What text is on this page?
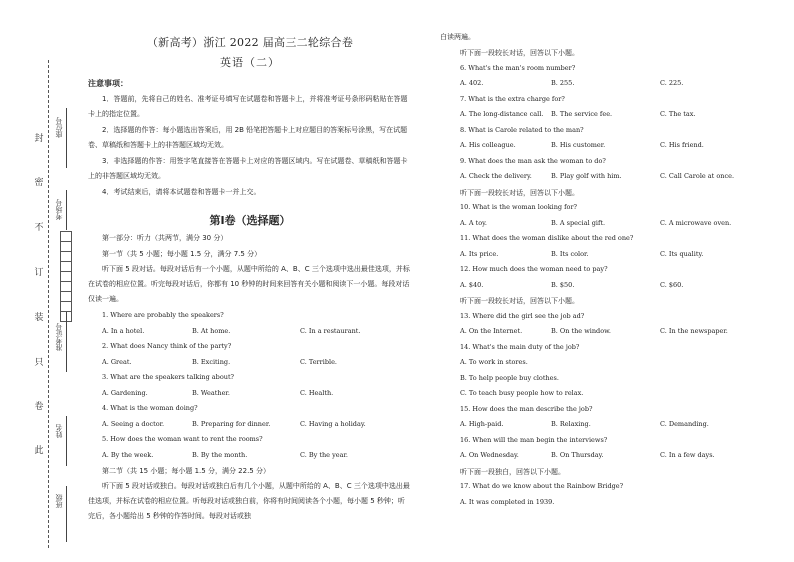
封
密
不
订
装
只
卷
此
座位号
考场号
准考证号
姓名
班级
（新高考）浙江 2022 届高三二轮综合卷
英语（二）
注意事项：
1．答题前，先将自己的姓名、准考证号填写在试题卷和答题卡上，并将准考证号条形码粘贴在答题卡上的指定位置。
2．选择题的作答：每小题选出答案后，用 2B 铅笔把答题卡上对应题目的答案标号涂黑，写在试题卷、草稿纸和答题卡上的非答题区域均无效。
3．非选择题的作答：用签字笔直接答在答题卡上对应的答题区域内。写在试题卷、草稿纸和答题卡上的非答题区域均无效。
4．考试结束后，请将本试题卷和答题卡一并上交。
第Ⅰ卷（选择题）
第一部分：听力（共两节，满分 30 分）
第一节（共 5 小题；每小题 1.5 分，满分 7.5 分）
听下面 5 段对话。每段对话后有一个小题，从题中所给的 A、B、C 三个选项中选出最佳选项，并标在试卷的相应位置。听完每段对话后，你都有 10 秒钟的时间来回答有关小题和阅读下一小题。每段对话仅读一遍。
1. Where are probably the speakers?
A. In a hotel.	B. At home.	C. In a restaurant.
2. What does Nancy think of the party?
A. Great.	B. Exciting.	C. Terrible.
3. What are the speakers talking about?
A. Gardening.	B. Weather.	C. Health.
4. What is the woman doing?
A. Seeing a doctor.	B. Preparing for dinner.	C. Having a holiday.
5. How does the woman want to rent the rooms?
A. By the week.	B. By the month.	C. By the year.
第二节（共 15 小题；每小题 1.5 分，满分 22.5 分）
听下面 5 段对话或独白。每段对话或独白后有几个小题，从题中所给的 A、B、C 三个选项中选出最佳选项，并标在试卷的相应位置。听每段对话或独白前，你将有时间阅读各个小题，每小题 5 秒钟；听完后，各小题给出 5 秒钟的作答时间。每段对话或独
白读两遍。
听下面一段较长对话，回答以下小题。
6. What's the man's room number?
A. 402.	B. 255.	C. 225.
7. What is the extra charge for?
A. The long-distance call. B. The service fee.	C. The tax.
8. What is Carole related to the man?
A. His colleague.	B. His customer.	C. His friend.
9. What does the man ask the woman to do?
A. Check the delivery.	B. Play golf with him.	C. Call Carole at once.
听下面一段较长对话，回答以下小题。
10. What is the woman looking for?
A. A toy.	B. A special gift.	C. A microwave oven.
11. What does the woman dislike about the red one?
A. Its price.	B. Its color.	C. Its quality.
12. How much does the woman need to pay?
A. $40.	B. $50.	C. $60.
听下面一段较长对话，回答以下小题。
13. Where did the girl see the job ad?
A. On the Internet.	B. On the window.	C. In the newspaper.
14. What's the main duty of the job?
A. To work in stores.
B. To help people buy clothes.
C. To teach busy people how to relax.
15. How does the man describe the job?
A. High-paid.	B. Relaxing.	C. Demanding.
16. When will the man begin the interviews?
A. On Wednesday.	B. On Thursday.	C. In a few days.
听下面一段独白，回答以下小题。
17. What do we know about the Rainbow Bridge?
A. It was completed in 1939.
